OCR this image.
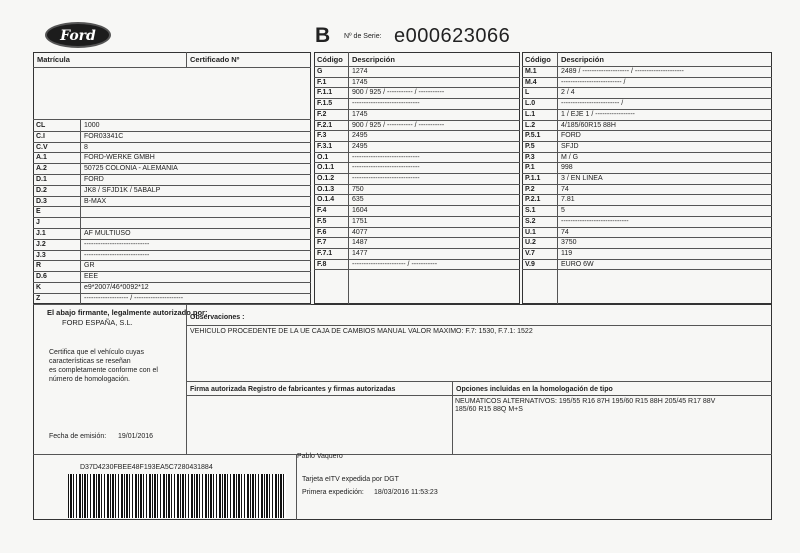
Ford	B Nº de Serie: e000623066
Matrícula	Certificado Nº
CL	1000
C.I	FOR03341C
C.V	8
A.1	FORD-WERKE GMBH
A.2	50725 COLONIA - ALEMANIA
D.1	FORD
D.2	JK8 / SFJD1K / 5ABALP
D.3	B-MAX
E
J
J.1	AF MULTIUSO
J.2	----------------------------
J.3	----------------------------
R	GR
D.6	EEE
K	e9*2007/46*0092*12
Z	------------------- / ---------------------
Código Descripción
G	1274
F.1	1745
F.1.1	900 / 925 / ----------- / -----------
F.1.5	-----------------------------
F.2	1745
F.2.1	900 / 925 / ----------- / -----------
F.3	2495
F.3.1	2495
O.1	-----------------------------
O.1.1	-----------------------------
O.1.2	-----------------------------
O.1.3	750
O.1.4	635
F.4	1604
F.5	1751
F.6	4077
F.7	1487
F.7.1	1477
F.8	----------------------- / -----------
Código Descripción
M.1	2489 / -------------------- / ---------------------
M.4	-------------------------- /
L	2 / 4
L.0	------------------------- /
L.1	1 / EJE 1 / -----------------
L.2	4/185/60R15 88H
P.5.1	FORD
P.5	SFJD
P.3	M / G
P.1	998
P.1.1	3 / EN LINEA
P.2	74
P.2.1	7.81
S.1	5
S.2	-----------------------------
U.1	74
U.2	3750
V.7	119
V.9	EURO 6W
El abajo firmante, legalmente autorizado por:
FORD ESPAÑA, S.L.
Observaciones :
VEHICULO PROCEDENTE DE LA UE CAJA DE CAMBIOS MANUAL VALOR MAXIMO: F.7: 1530, F.7.1: 1522
Certifica que el vehículo cuyas
características se reseñan
es completamente conforme con el
número de homologación.
Firma autorizada Registro de fabricantes y firmas autorizadas	Opciones incluidas en la homologación de tipo
NEUMATICOS ALTERNATIVOS: 195/55 R16 87H 195/60 R15 88H 205/45 R17 88V
185/60 R15 88Q M+S
Fecha de emisión: 19/01/2016
Pablo Vaquero
D37D4230FBEE48F193EA5C7280431884
Tarjeta eITV expedida por DGT
Primera expedición: 18/03/2016 11:53:23
